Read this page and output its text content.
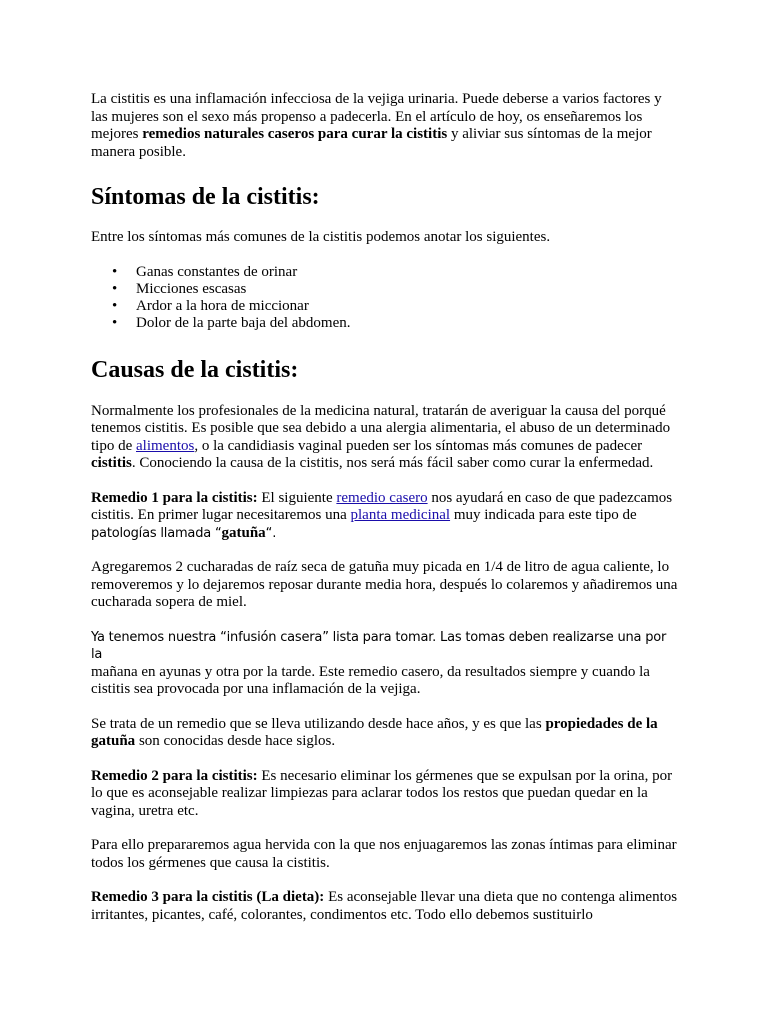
La cistitis es una inflamación infecciosa de la vejiga urinaria. Puede deberse a varios factores y las mujeres son el sexo más propenso a padecerla. En el artículo de hoy, os enseñaremos los mejores remedios naturales caseros para curar la cistitis y aliviar sus síntomas de la mejor manera posible.

Síntomas de la cistitis:

Entre los síntomas más comunes de la cistitis podemos anotar los siguientes.

• Ganas constantes de orinar
• Micciones escasas
• Ardor a la hora de miccionar
• Dolor de la parte baja del abdomen.
Causas de la cistitis:

Normalmente los profesionales de la medicina natural, tratarán de averiguar la causa del porqué tenemos cistitis. Es posible que sea debido a una alergia alimentaria, el abuso de un determinado tipo de alimentos, o la candidiasis vaginal pueden ser los síntomas más comunes de padecer cistitis. Conociendo la causa de la cistitis, nos será más fácil saber como curar la enfermedad.

Remedio 1 para la cistitis: El siguiente remedio casero nos ayudará en caso de que padezcamos cistitis. En primer lugar necesitaremos una planta medicinal muy indicada para este tipo de
patologías llamada “gatuña“.

Agregaremos 2 cucharadas de raíz seca de gatuña muy picada en 1/4 de litro de agua caliente, lo removeremos y lo dejaremos reposar durante media hora, después lo colaremos y añadiremos una cucharada sopera de miel.

Ya tenemos nuestra “infusión casera” lista para tomar. Las tomas deben realizarse una por la
mañana en ayunas y otra por la tarde. Este remedio casero, da resultados siempre y cuando la cistitis sea provocada por una inflamación de la vejiga.

Se trata de un remedio que se lleva utilizando desde hace años, y es que las propiedades de la gatuña son conocidas desde hace siglos.

Remedio 2 para la cistitis: Es necesario eliminar los gérmenes que se expulsan por la orina, por lo que es aconsejable realizar limpiezas para aclarar todos los restos que puedan quedar en la vagina, uretra etc.

Para ello prepararemos agua hervida con la que nos enjuagaremos las zonas íntimas para eliminar todos los gérmenes que causa la cistitis.

Remedio 3 para la cistitis (La dieta): Es aconsejable llevar una dieta que no contenga alimentos irritantes, picantes, café, colorantes, condimentos etc. Todo ello debemos sustituirlo
